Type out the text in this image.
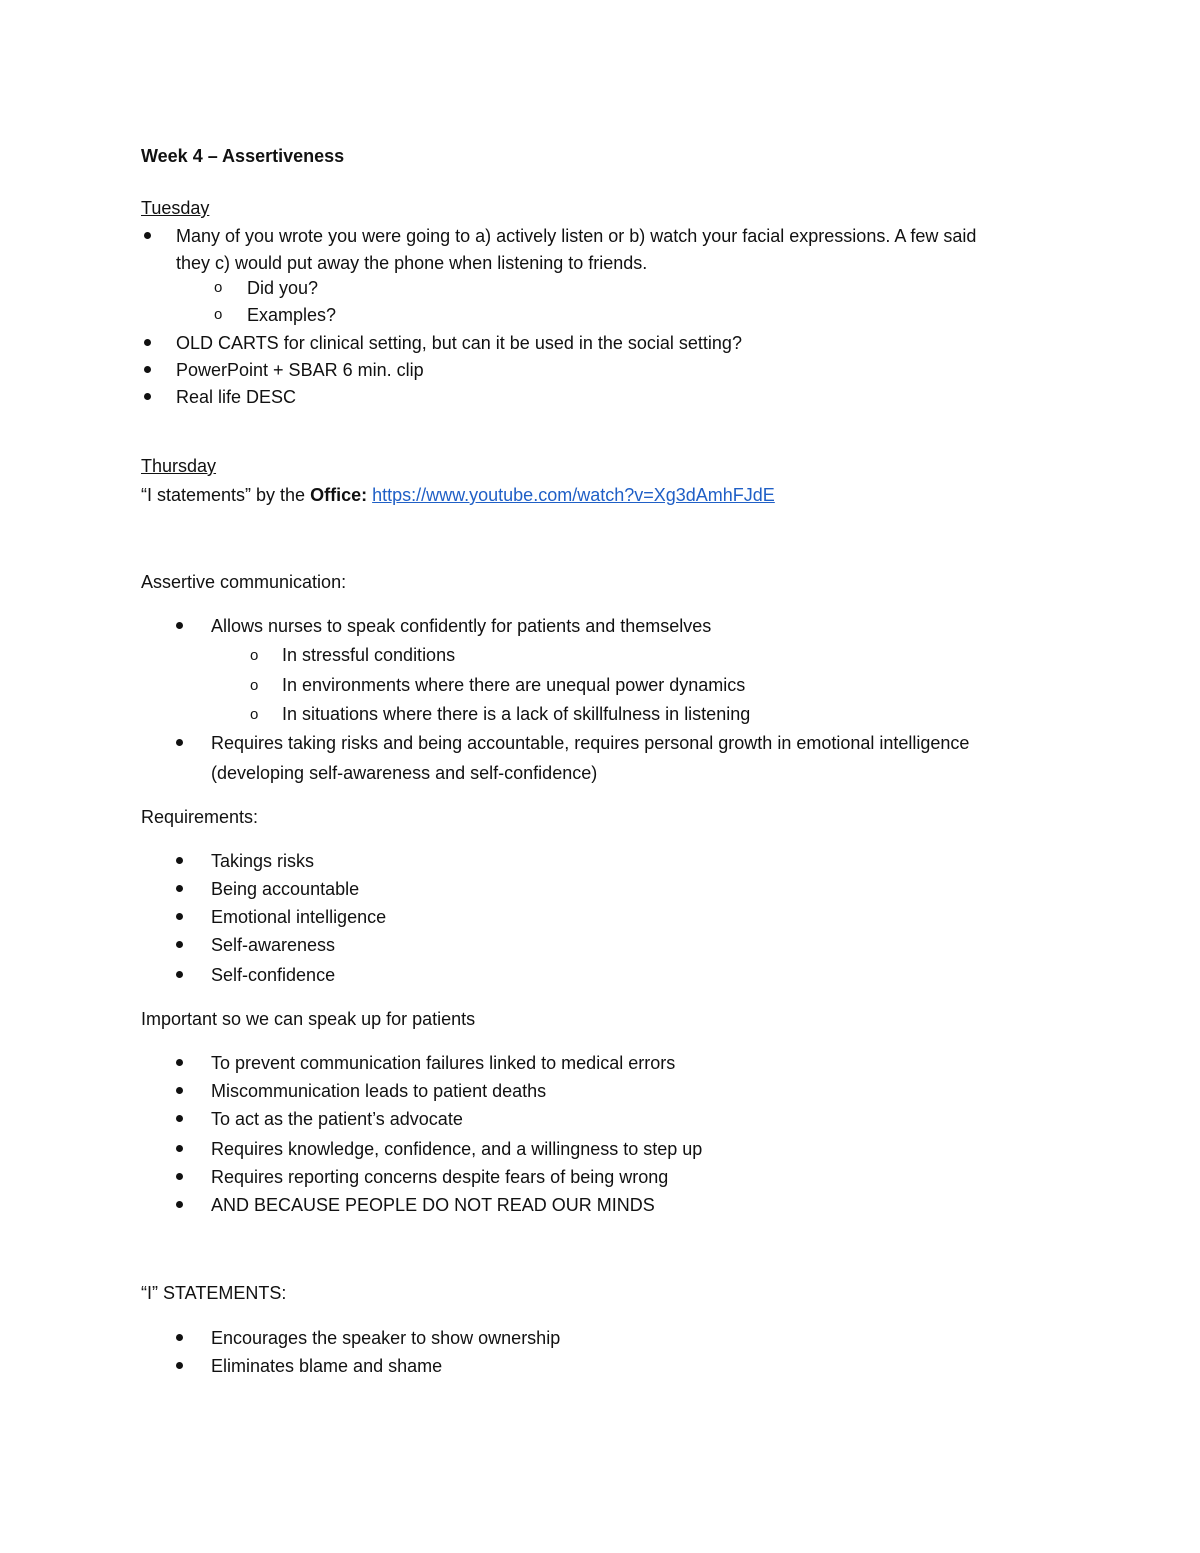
Week 4 – Assertiveness
Tuesday
Many of you wrote you were going to a) actively listen or b) watch your facial expressions. A few said
they c) would put away the phone when listening to friends.
o Did you?
o Examples?
OLD CARTS for clinical setting, but can it be used in the social setting?
PowerPoint + SBAR 6 min. clip
Real life DESC
Thursday
“I statements” by the Office: https://www.youtube.com/watch?v=Xg3dAmhFJdE
Assertive communication:
Allows nurses to speak confidently for patients and themselves
o In stressful conditions
o In environments where there are unequal power dynamics
o In situations where there is a lack of skillfulness in listening
Requires taking risks and being accountable, requires personal growth in emotional intelligence
(developing self-awareness and self-confidence)
Requirements:
Takings risks
Being accountable
Emotional intelligence
Self-awareness
Self-confidence
Important so we can speak up for patients
To prevent communication failures linked to medical errors
Miscommunication leads to patient deaths
To act as the patient’s advocate
Requires knowledge, confidence, and a willingness to step up
Requires reporting concerns despite fears of being wrong
AND BECAUSE PEOPLE DO NOT READ OUR MINDS
“I” STATEMENTS:
Encourages the speaker to show ownership
Eliminates blame and shame
